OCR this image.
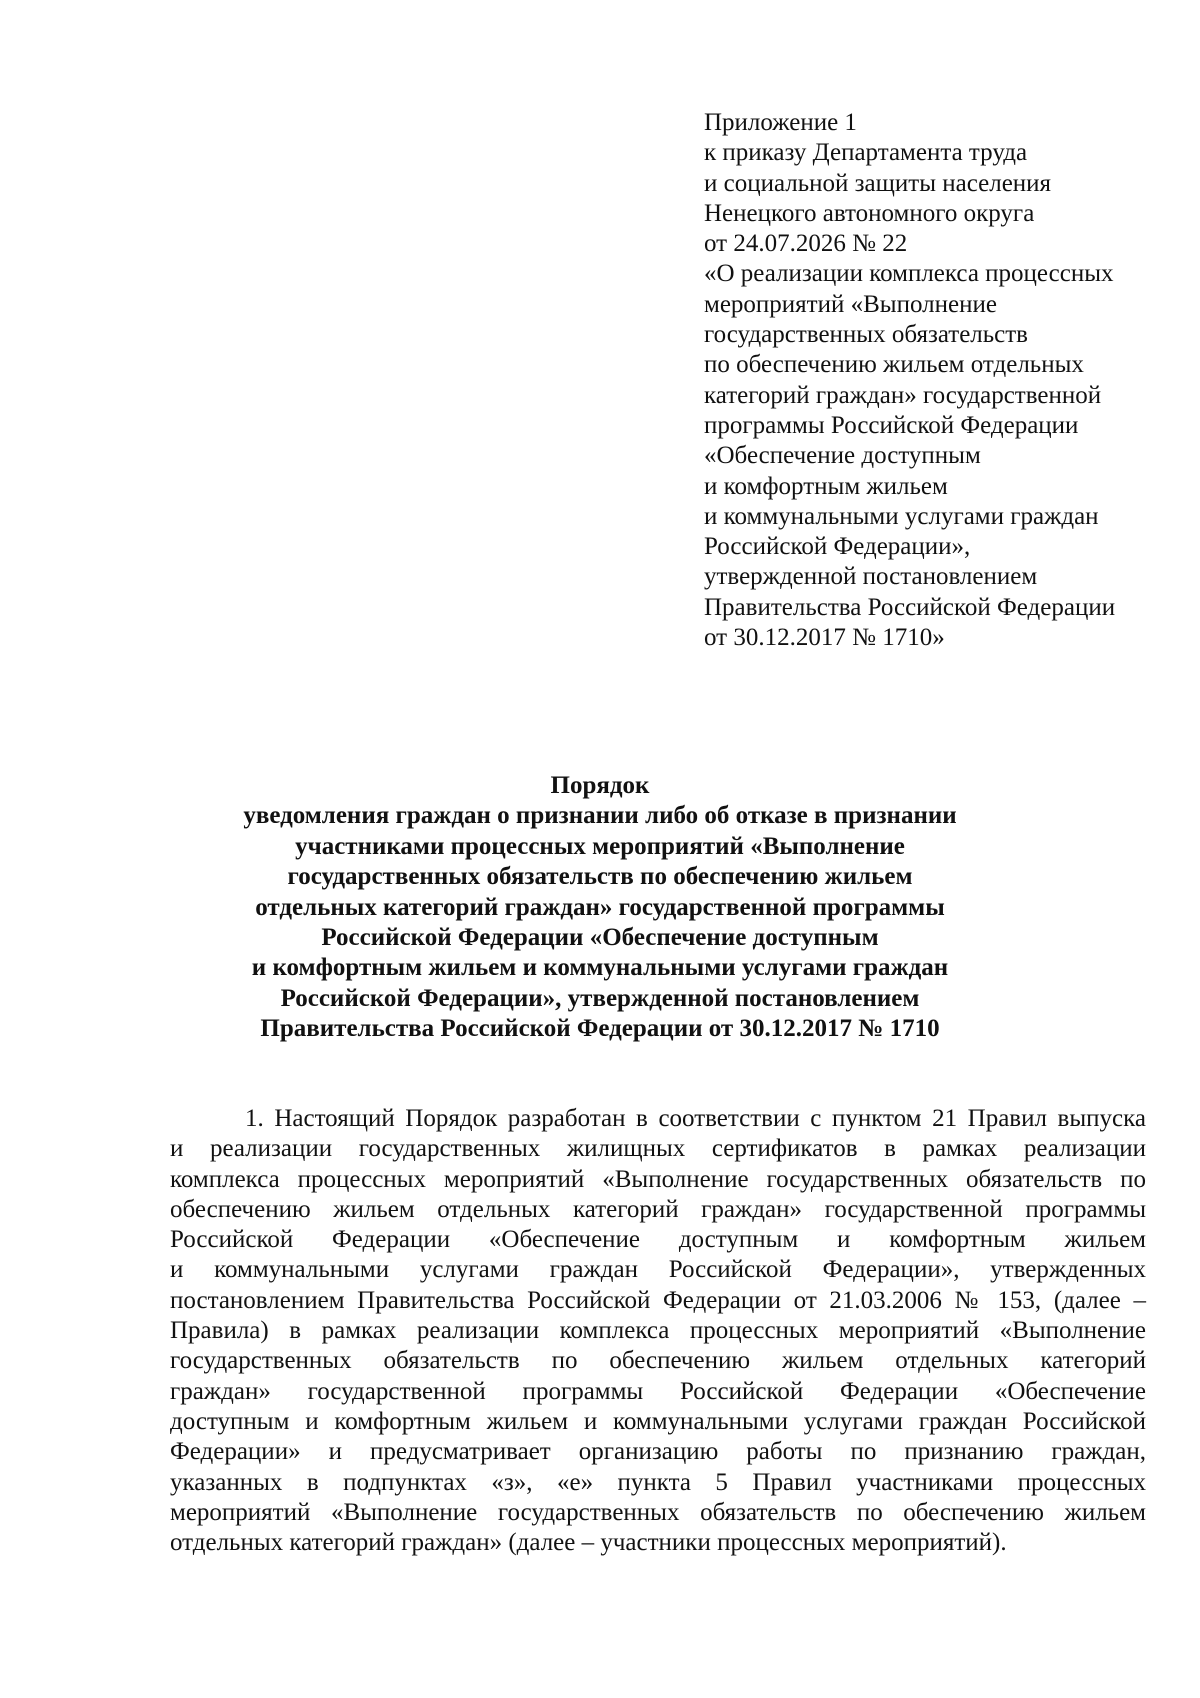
Приложение 1
к приказу Департамента труда
и социальной защиты населения
Ненецкого автономного округа
от 24.07.2026 № 22
«О реализации комплекса процессных
мероприятий «Выполнение
государственных обязательств
по обеспечению жильем отдельных
категорий граждан» государственной
программы Российской Федерации
«Обеспечение доступным
и комфортным жильем
и коммунальными услугами граждан
Российской Федерации»,
утвержденной постановлением
Правительства Российской Федерации
от 30.12.2017 № 1710»
Порядок
уведомления граждан о признании либо об отказе в признании
участниками процессных мероприятий «Выполнение
государственных обязательств по обеспечению жильем
отдельных категорий граждан» государственной программы
Российской Федерации «Обеспечение доступным
и комфортным жильем и коммунальными услугами граждан
Российской Федерации», утвержденной постановлением
Правительства Российской Федерации от 30.12.2017 № 1710
1. Настоящий Порядок разработан в соответствии с пунктом 21 Правил выпуска
и реализации государственных жилищных сертификатов в рамках реализации
комплекса процессных мероприятий «Выполнение государственных обязательств по
обеспечению жильем отдельных категорий граждан» государственной программы
Российской Федерации «Обеспечение доступным и комфортным жильем
и коммунальными услугами граждан Российской Федерации», утвержденных
постановлением Правительства Российской Федерации от 21.03.2006 № 153, (далее –
Правила) в рамках реализации комплекса процессных мероприятий «Выполнение
государственных обязательств по обеспечению жильем отдельных категорий
граждан» государственной программы Российской Федерации «Обеспечение
доступным и комфортным жильем и коммунальными услугами граждан Российской
Федерации» и предусматривает организацию работы по признанию граждан,
указанных в подпунктах «з», «е» пункта 5 Правил участниками процессных
мероприятий «Выполнение государственных обязательств по обеспечению жильем
отдельных категорий граждан» (далее – участники процессных мероприятий).
